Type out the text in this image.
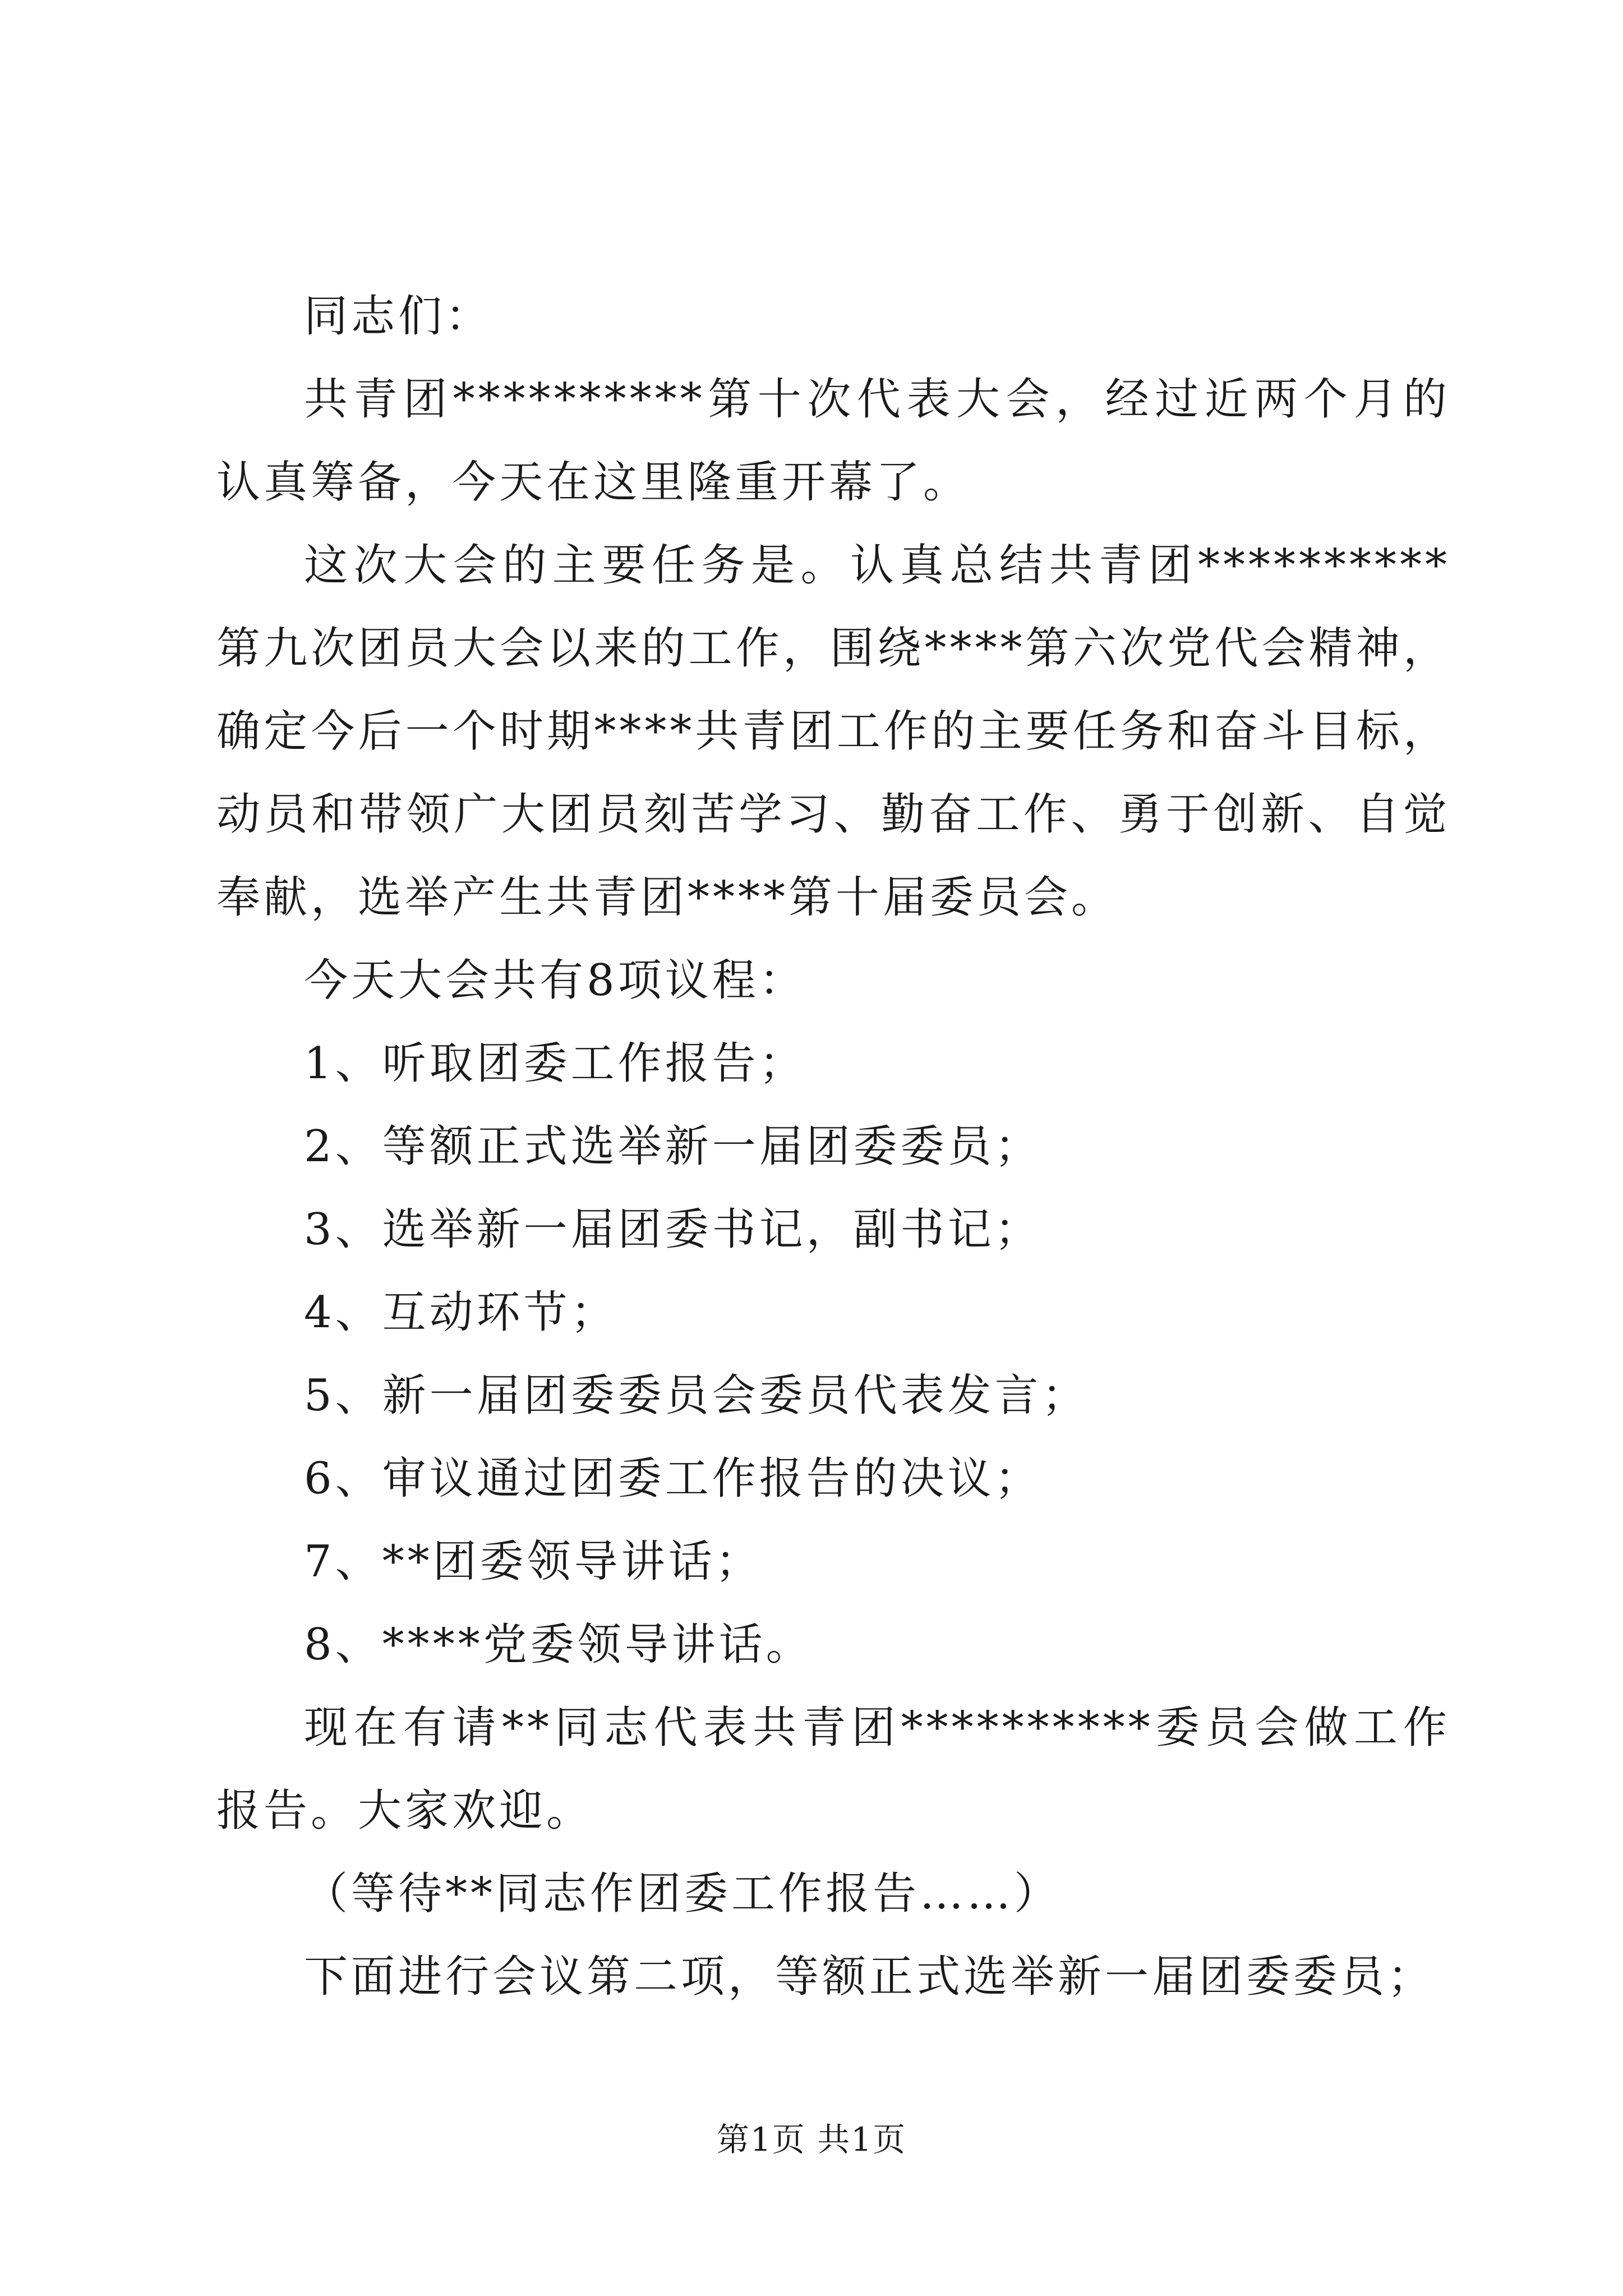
同志们：

共青团**********第十次代表大会，经过近两个月的认真筹备，今天在这里隆重开幕了。

这次大会的主要任务是。认真总结共青团**********第九次团员大会以来的工作，围绕****第六次党代会精神，确定今后一个时期****共青团工作的主要任务和奋斗目标，动员和带领广大团员刻苦学习、勤奋工作、勇于创新、自觉奉献，选举产生共青团****第十届委员会。

今天大会共有8项议程：

1、听取团委工作报告；

2、等额正式选举新一届团委委员；

3、选举新一届团委书记，副书记；

4、互动环节；

5、新一届团委委员会委员代表发言；

6、审议通过团委工作报告的决议；

7、**团委领导讲话；

8、****党委领导讲话。

现在有请**同志代表共青团**********委员会做工作报告。大家欢迎。

（等待**同志作团委工作报告……）

下面进行会议第二项，等额正式选举新一届团委委员；

第1页 共1页
